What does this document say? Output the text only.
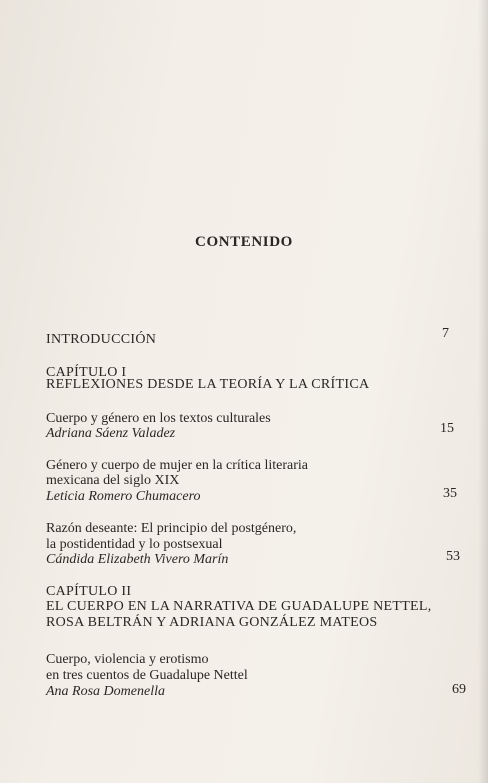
CONTENIDO
INTRODUCCIÓN	7
CAPÍTULO I
REFLEXIONES DESDE LA TEORÍA Y LA CRÍTICA
Cuerpo y género en los textos culturales
Adriana Sáenz Valadez	15
Género y cuerpo de mujer en la crítica literaria
mexicana del siglo XIX
Leticia Romero Chumacero	35
Razón deseante: El principio del postgénero,
la postidentidad y lo postsexual
Cándida Elizabeth Vivero Marín	53
CAPÍTULO II
EL CUERPO EN LA NARRATIVA DE GUADALUPE NETTEL,
ROSA BELTRÁN Y ADRIANA GONZÁLEZ MATEOS
Cuerpo, violencia y erotismo
en tres cuentos de Guadalupe Nettel
Ana Rosa Domenella	69
